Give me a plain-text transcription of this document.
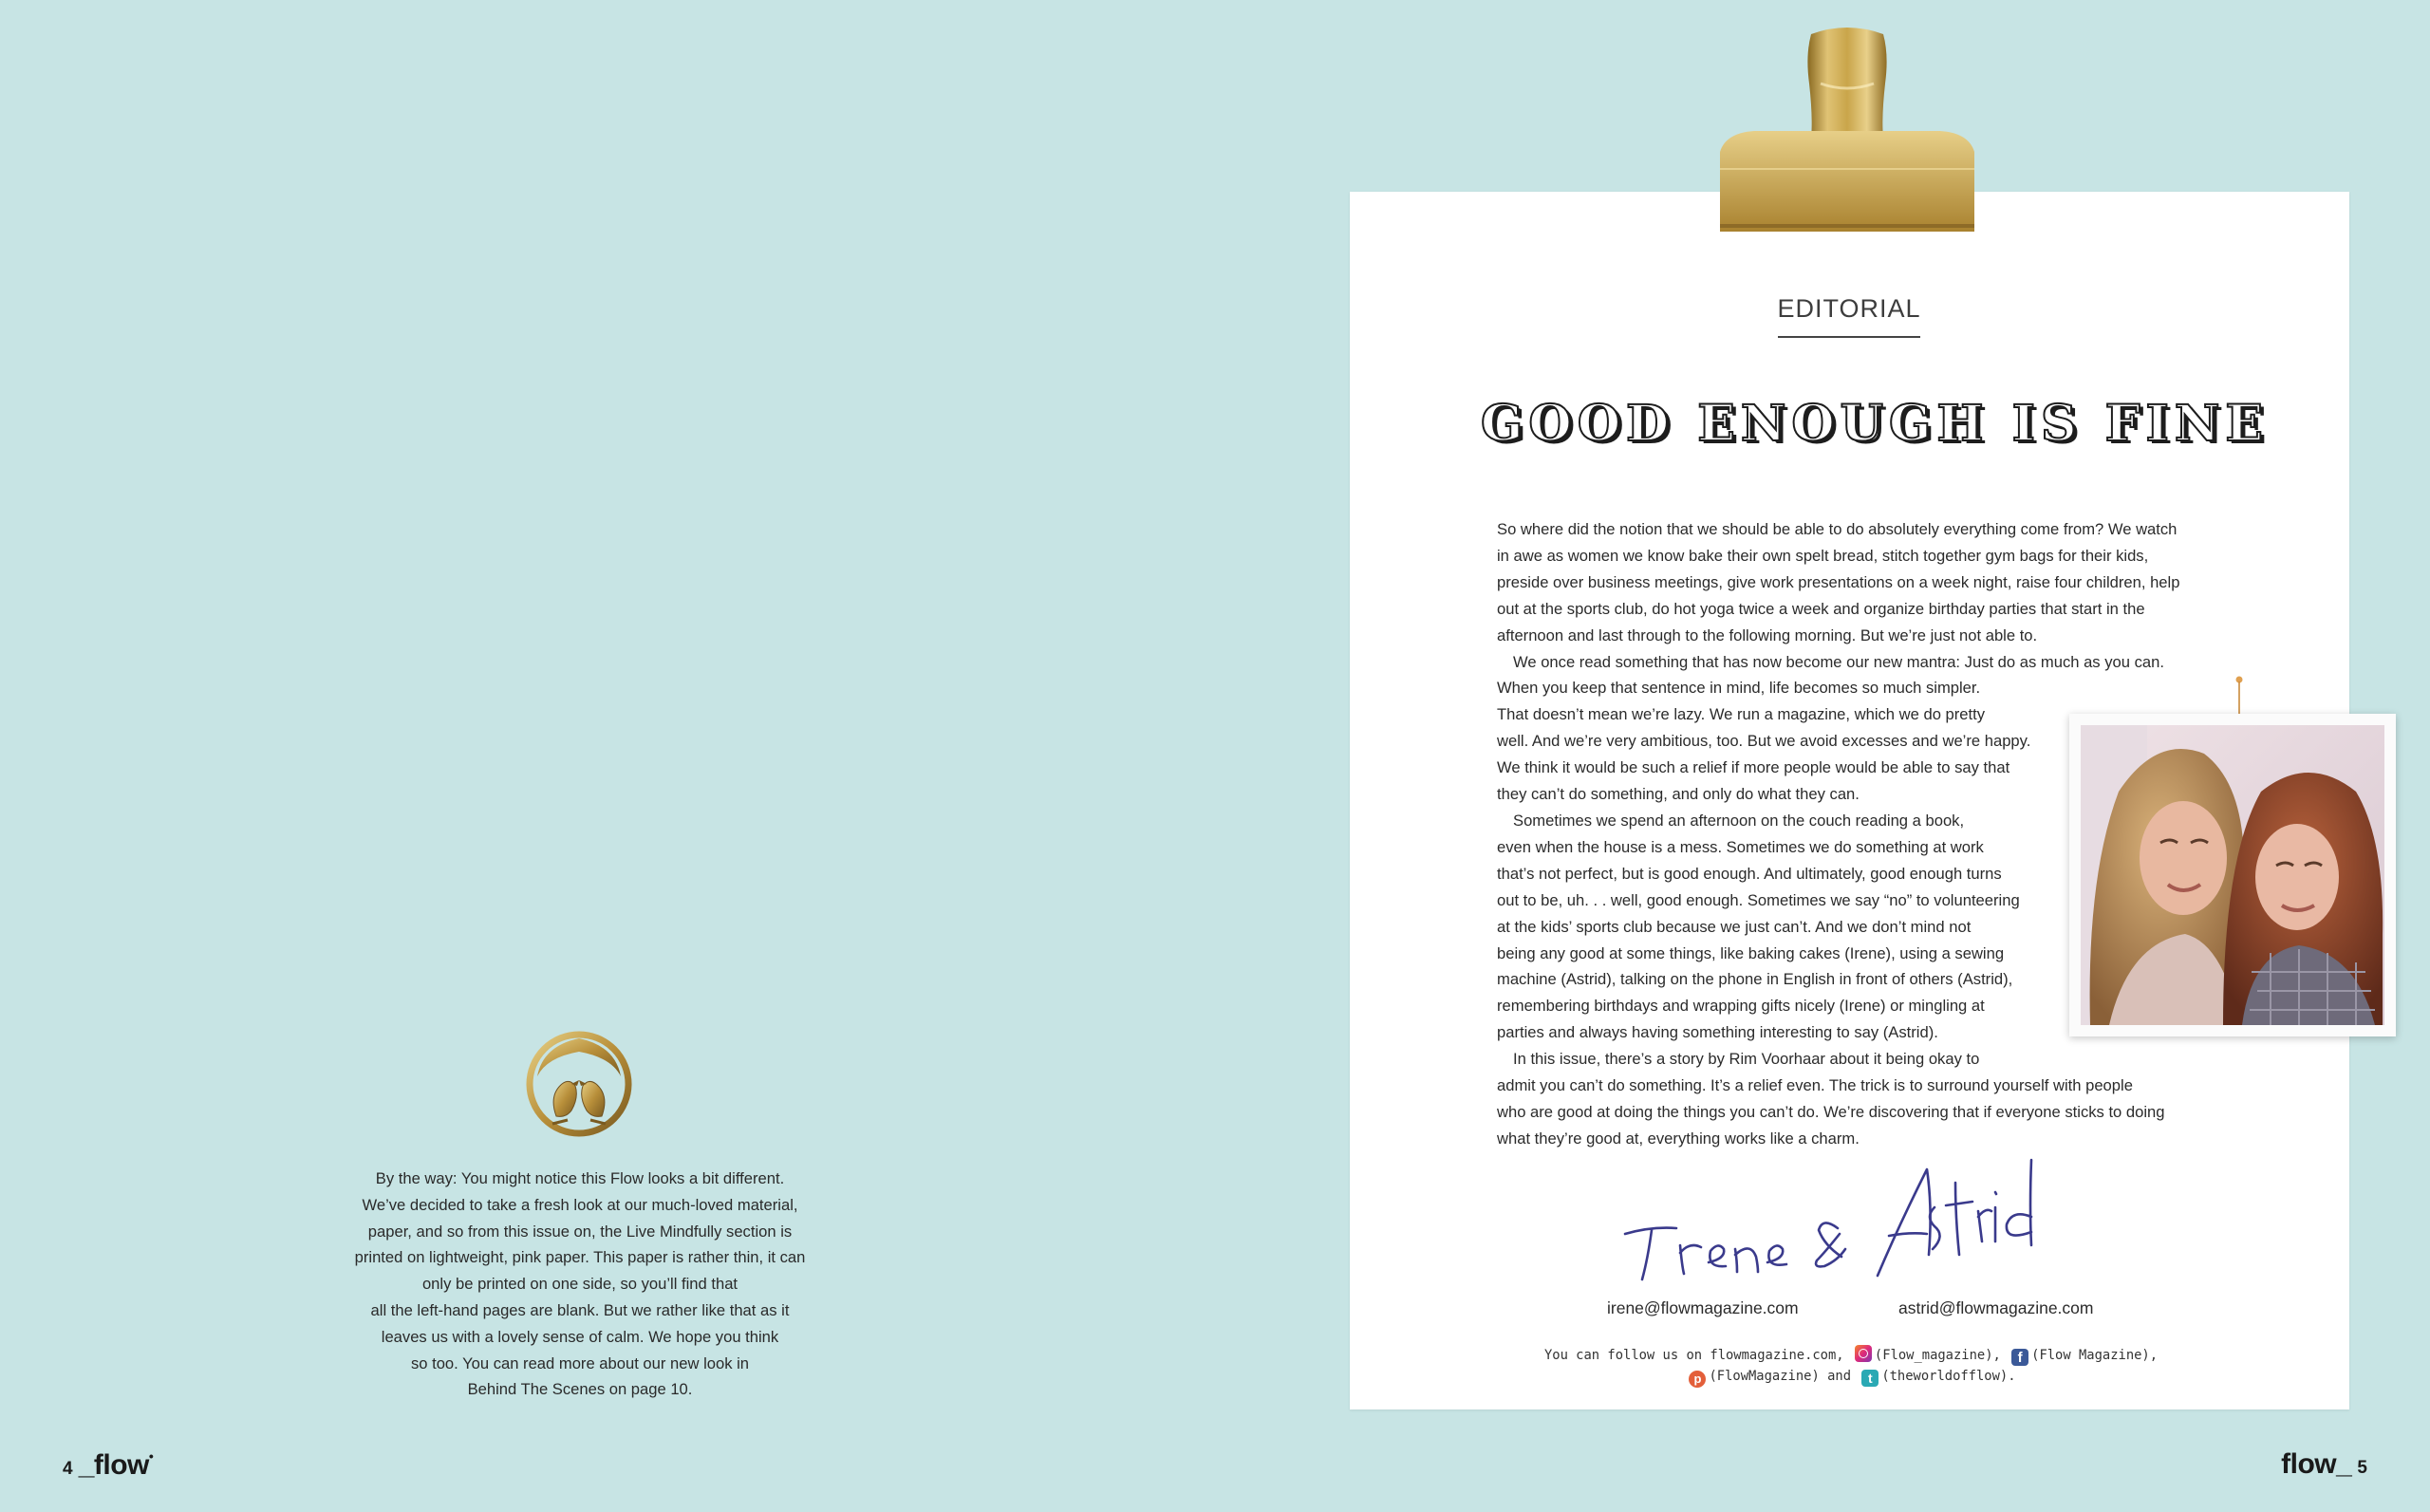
By the way: You might notice this Flow looks a bit different.
We’ve decided to take a fresh look at our much-loved material,
paper, and so from this issue on, the Live Mindfully section is
printed on lightweight, pink paper. This paper is rather thin, it can
only be printed on one side, so you’ll find that
all the left-hand pages are blank. But we rather like that as it
leaves us with a lovely sense of calm. We hope you think
so too. You can read more about our new look in
Behind The Scenes on page 10.
4 _flow•
EDITORIAL
GOOD ENOUGH IS FINE
So where did the notion that we should be able to do absolutely everything come from? We watch
in awe as women we know bake their own spelt bread, stitch together gym bags for their kids,
preside over business meetings, give work presentations on a week night, raise four children, help
out at the sports club, do hot yoga twice a week and organize birthday parties that start in the
afternoon and last through to the following morning. But we’re just not able to.
We once read something that has now become our new mantra: Just do as much as you can.
When you keep that sentence in mind, life becomes so much simpler.
That doesn’t mean we’re lazy. We run a magazine, which we do pretty
well. And we’re very ambitious, too. But we avoid excesses and we’re happy.
We think it would be such a relief if more people would be able to say that
they can’t do something, and only do what they can.
Sometimes we spend an afternoon on the couch reading a book,
even when the house is a mess. Sometimes we do something at work
that’s not perfect, but is good enough. And ultimately, good enough turns
out to be, uh. . . well, good enough. Sometimes we say “no” to volunteering
at the kids’ sports club because we just can’t. And we don’t mind not
being any good at some things, like baking cakes (Irene), using a sewing
machine (Astrid), talking on the phone in English in front of others (Astrid),
remembering birthdays and wrapping gifts nicely (Irene) or mingling at
parties and always having something interesting to say (Astrid).
In this issue, there’s a story by Rim Voorhaar about it being okay to
admit you can’t do something. It’s a relief even. The trick is to surround yourself with people
who are good at doing the things you can’t do. We’re discovering that if everyone sticks to doing
what they’re good at, everything works like a charm.
irene@flowmagazine.com	astrid@flowmagazine.com
You can follow us on flowmagazine.com, (Flow_magazine), f (Flow Magazine),
p (FlowMagazine) and t (theworldofflow).
flow_ 5
